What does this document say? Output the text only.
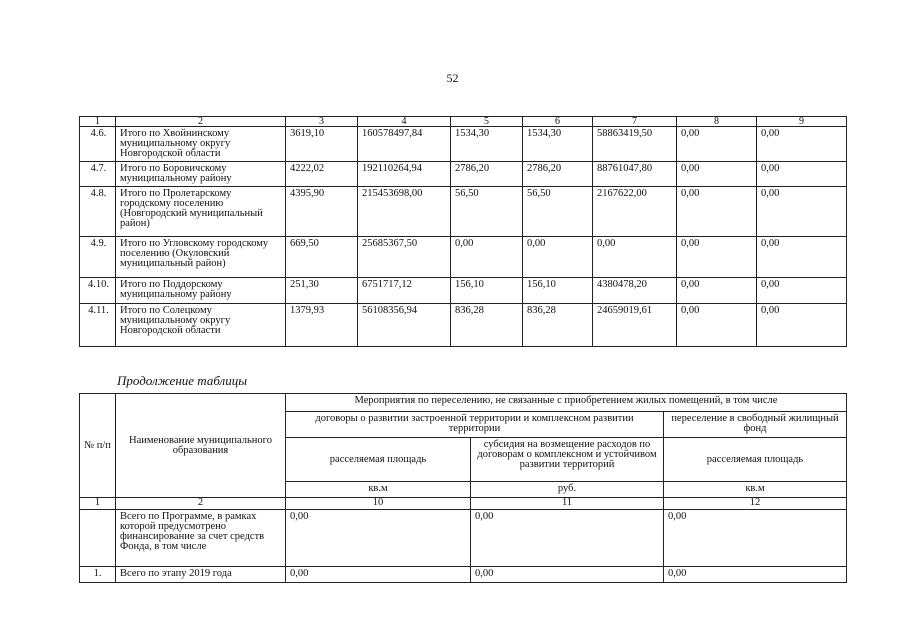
52
1	2	3	4	5	6	7	8	9
4.6.	Итого по Хвойнинскому муниципальному округу Новгородской области	3619,10	160578497,84	1534,30	1534,30	58863419,50	0,00	0,00
4.7.	Итого по Боровичскому муниципальному району	4222,02	192110264,94	2786,20	2786,20	88761047,80	0,00	0,00
4.8.	Итого по Пролетарскому городскому поселению (Новгородский муниципальный район)	4395,90	215453698,00	56,50	56,50	2167622,00	0,00	0,00
4.9.	Итого по Угловскому городскому поселению (Окуловский муниципальный район)	669,50	25685367,50	0,00	0,00	0,00	0,00	0,00
4.10.	Итого по Поддорскому муниципальному району	251,30	6751717,12	156,10	156,10	4380478,20	0,00	0,00
4.11.	Итого по Солецкому муниципальному округу Новгородской области	1379,93	56108356,94	836,28	836,28	24659019,61	0,00	0,00
Продолжение таблицы
№ п/п	Наименование муниципального образования	Мероприятия по переселению, не связанные с приобретением жилых помещений, в том числе		
		договоры о развитии застроенной территории и комплексном развитии территории		переселение в свободный жилищный фонд
		расселяемая площадь	субсидия на возмещение расходов по договорам о комплексном и устойчивом развитии территорий	расселяемая площадь
		кв.м	руб.	кв.м
1	2	10	11	12
	Всего по Программе, в рамках которой предусмотрено финансирование за счет средств Фонда, в том числе	0,00	0,00	0,00
1.	Всего по этапу 2019 года	0,00	0,00	0,00
